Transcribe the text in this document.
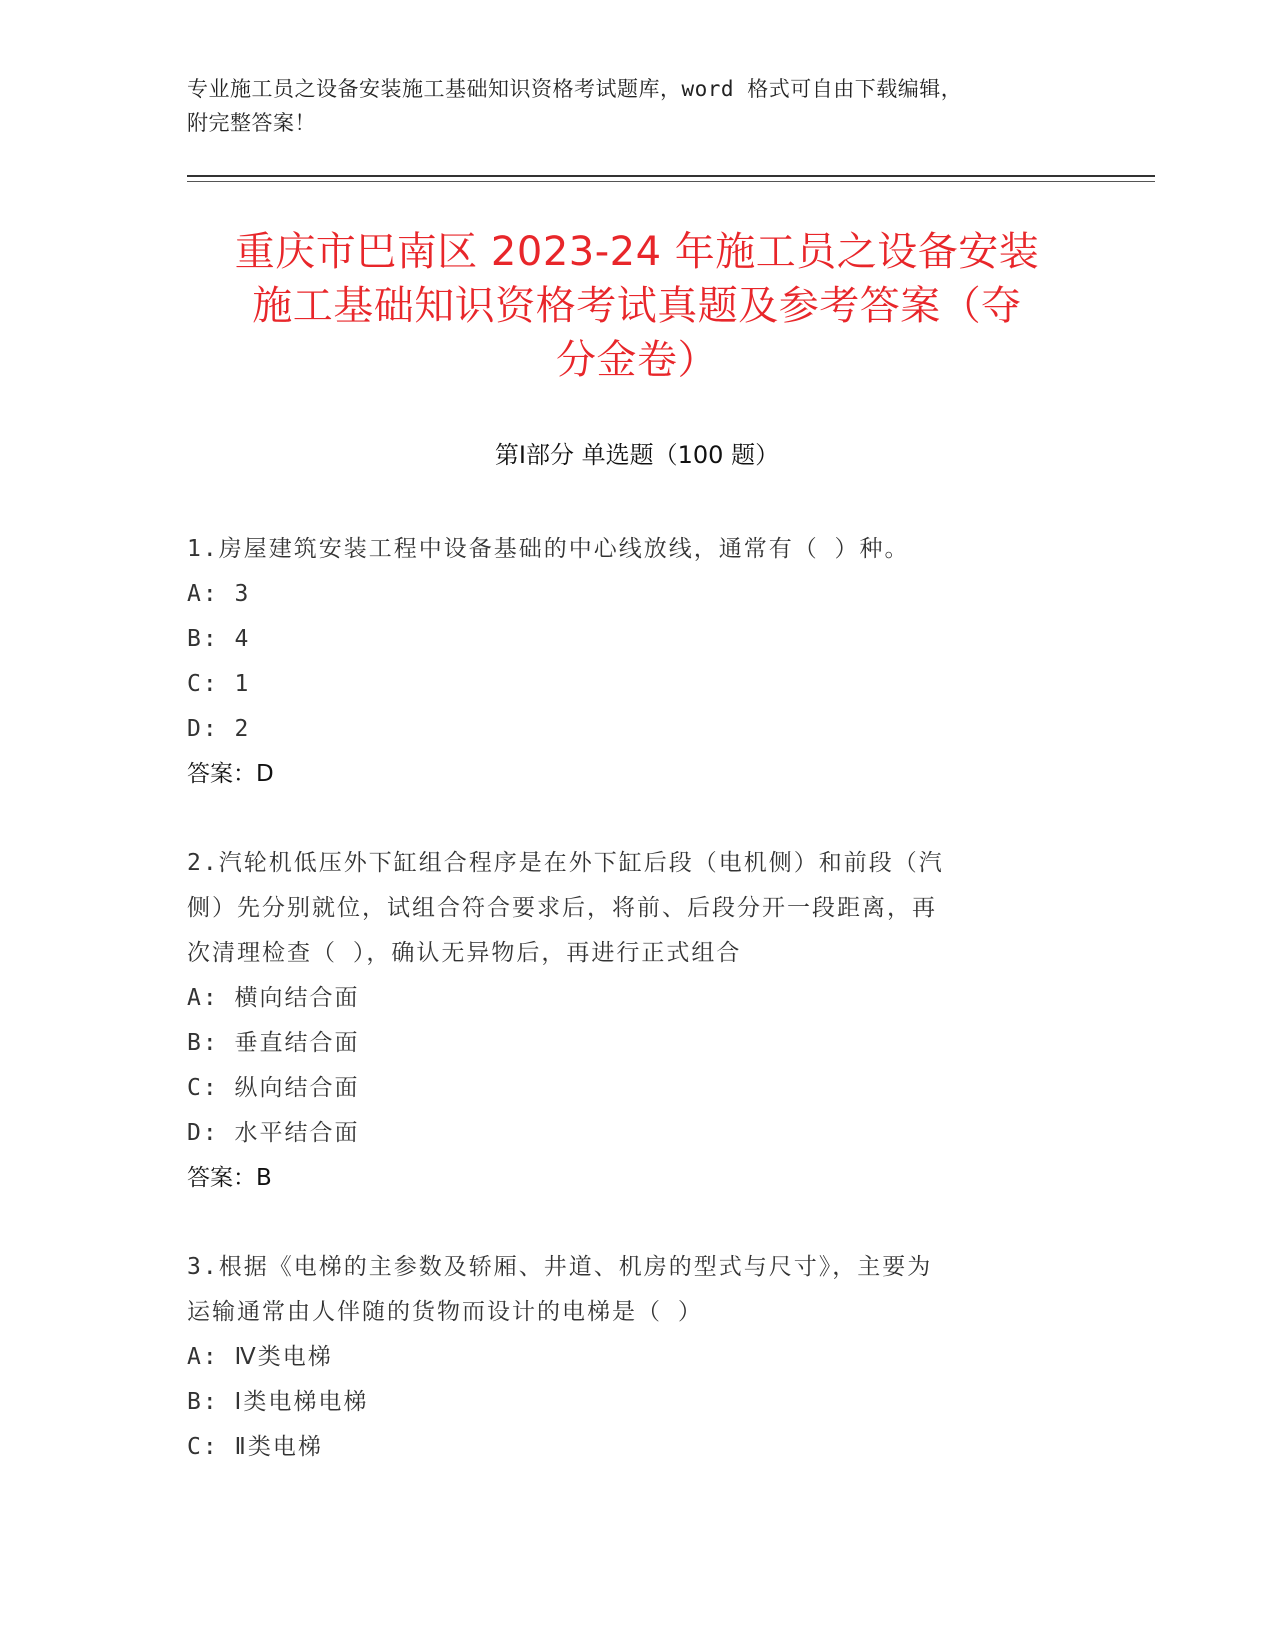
专业施工员之设备安装施工基础知识资格考试题库，word 格式可自由下载编辑，
附完整答案！
重庆市巴南区 2023-24 年施工员之设备安装
施工基础知识资格考试真题及参考答案（夺
分金卷）
第Ⅰ部分 单选题（100 题）
1.房屋建筑安装工程中设备基础的中心线放线，通常有（ ）种。
A: 3
B: 4
C: 1
D: 2
答案：D
2.汽轮机低压外下缸组合程序是在外下缸后段（电机侧）和前段（汽
侧）先分别就位，试组合符合要求后，将前、后段分开一段距离，再
次清理检查（ ），确认无异物后，再进行正式组合
A: 横向结合面
B: 垂直结合面
C: 纵向结合面
D: 水平结合面
答案：B
3.根据《电梯的主参数及轿厢、井道、机房的型式与尺寸》，主要为
运输通常由人伴随的货物而设计的电梯是（ ）
A: Ⅳ类电梯
B: Ⅰ类电梯电梯
C: Ⅱ类电梯
